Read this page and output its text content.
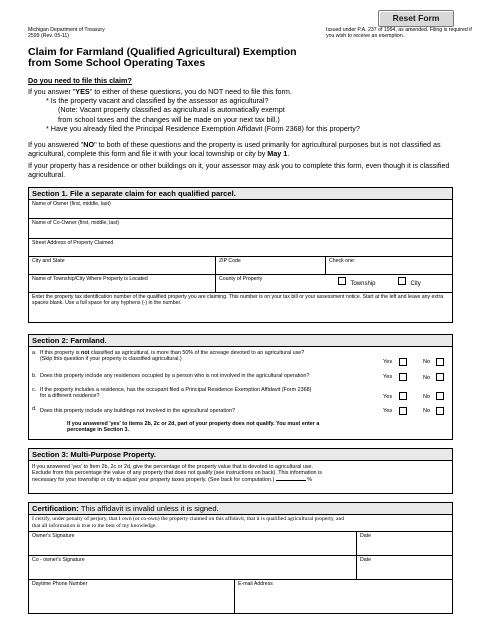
Reset Form
Michigan Department of Treasury
2599 (Rev. 05-11)
Issued under P.A. 237 of 1994, as amended. Filing is required if you wish to receive an exemption.
Claim for Farmland (Qualified Agricultural) Exemption
from Some School Operating Taxes
Do you need to file this claim?
If you answer "YES" to either of these questions, you do NOT need to file this form.
* Is the property vacant and classified by the assessor as agricultural?
(Note: Vacant property classified as agricultural is automatically exempt
from school taxes and the changes will be made on your next tax bill.)
* Have you already filed the Principal Residence Exemption Affidavit (Form 2368) for this property?
If you answered "NO" to both of these questions and the property is used primarily for agricultural purposes but is not classified as agricultural, complete this form and file it with your local township or city by May 1.
If your property has a residence or other buildings on it, your assessor may ask you to complete this form, even though it is classified agricultural.
Section 1. File a separate claim for each qualified parcel.
Name of Owner (first, middle, last)
Name of Co-Owner (first, middle, last)
Street Address of Property Claimed
City and State	ZIP Code	Check one:
Name of Township/City Where Property is Located	County of Property
Township	City
Enter the property tax identification number of the qualified property you are claiming. This number is on your tax bill or your assessment notice. Start at the left and leave any extra spaces blank. Use a full space for any hyphens (-) in the number.
Section 2: Farmland.
a. If this property is not classified as agricultural, is more than 50% of the acreage devoted to an agricultural use?
(Skip this question if your property is classified agricultural.)	Yes	No
b. Does this property include any residences occupied by a person who is not involved in the agricultural operation?	Yes	No
c. If the property includes a residence, has the occupant filed a Principal Residence Exemption Affidavit (Form 2368)
for a different residence?	Yes	No
d. Does this property include any buildings not involved in the agricultural operation?	Yes	No
If you answered 'yes' to items 2b, 2c or 2d, part of your property does not qualify. You must enter a
percentage in Section 3.
Section 3: Multi-Purpose Property.
If you answered 'yes' to Item 2b, 2c or 2d, give the percentage of the property value that is devoted to agricultural use.
Exclude from this percentage the value of any property that does not qualify (see instructions on back). This information is
necessary for your township or city to adjust your property taxes properly. (See back for computation.)	%
Certification: This affidavit is invalid unless it is signed.
I certify, under penalty of perjury, that I own (or co-own) the property claimed on this affidavit, that it is qualified agricultural property, and
that all information is true to the best of my knowledge.
Owner's Signature	Date
Co - owner's Signature	Date
Daytime Phone Number	E-mail Address
